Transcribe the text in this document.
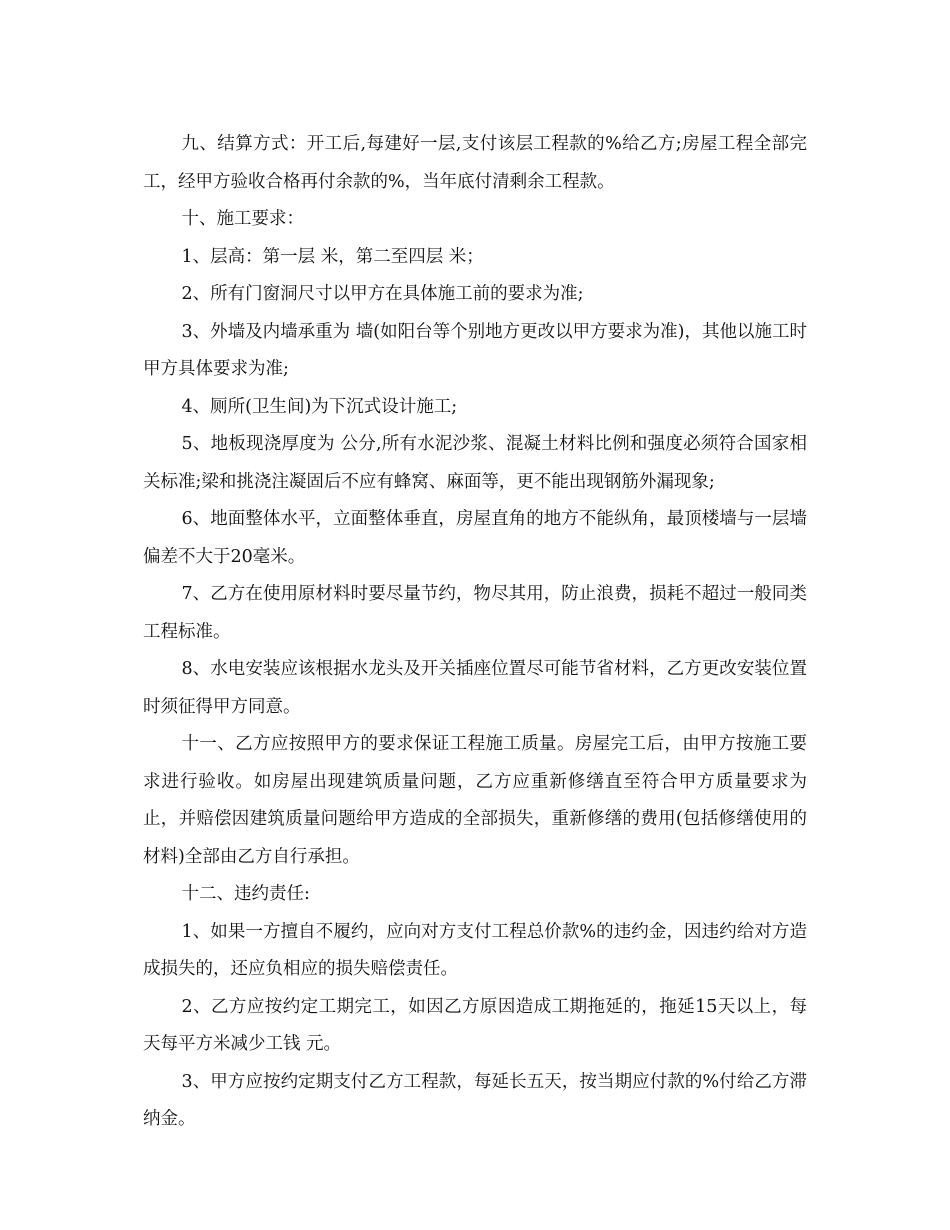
九、结算方式：开工后,每建好一层,支付该层工程款的%给乙方;房屋工程全部完工，经甲方验收合格再付余款的%，当年底付清剩余工程款。

十、施工要求：

1、层高：第一层 米，第二至四层 米；

2、所有门窗洞尺寸以甲方在具体施工前的要求为准;

3、外墙及内墙承重为 墙(如阳台等个别地方更改以甲方要求为准)，其他以施工时甲方具体要求为准;

4、厕所(卫生间)为下沉式设计施工;

5、地板现浇厚度为 公分,所有水泥沙浆、混凝土材料比例和强度必须符合国家相关标准;梁和挑浇注凝固后不应有蜂窝、麻面等，更不能出现钢筋外漏现象;

6、地面整体水平，立面整体垂直，房屋直角的地方不能纵角，最顶楼墙与一层墙偏差不大于20毫米。

7、乙方在使用原材料时要尽量节约，物尽其用，防止浪费，损耗不超过一般同类工程标准。

8、水电安装应该根据水龙头及开关插座位置尽可能节省材料，乙方更改安装位置时须征得甲方同意。

十一、乙方应按照甲方的要求保证工程施工质量。房屋完工后，由甲方按施工要求进行验收。如房屋出现建筑质量问题，乙方应重新修缮直至符合甲方质量要求为止，并赔偿因建筑质量问题给甲方造成的全部损失，重新修缮的费用(包括修缮使用的材料)全部由乙方自行承担。

十二、违约责任:

1、如果一方擅自不履约，应向对方支付工程总价款%的违约金，因违约给对方造成损失的，还应负相应的损失赔偿责任。

2、乙方应按约定工期完工，如因乙方原因造成工期拖延的，拖延15天以上，每天每平方米减少工钱 元。

3、甲方应按约定期支付乙方工程款，每延长五天，按当期应付款的%付给乙方滞纳金。
